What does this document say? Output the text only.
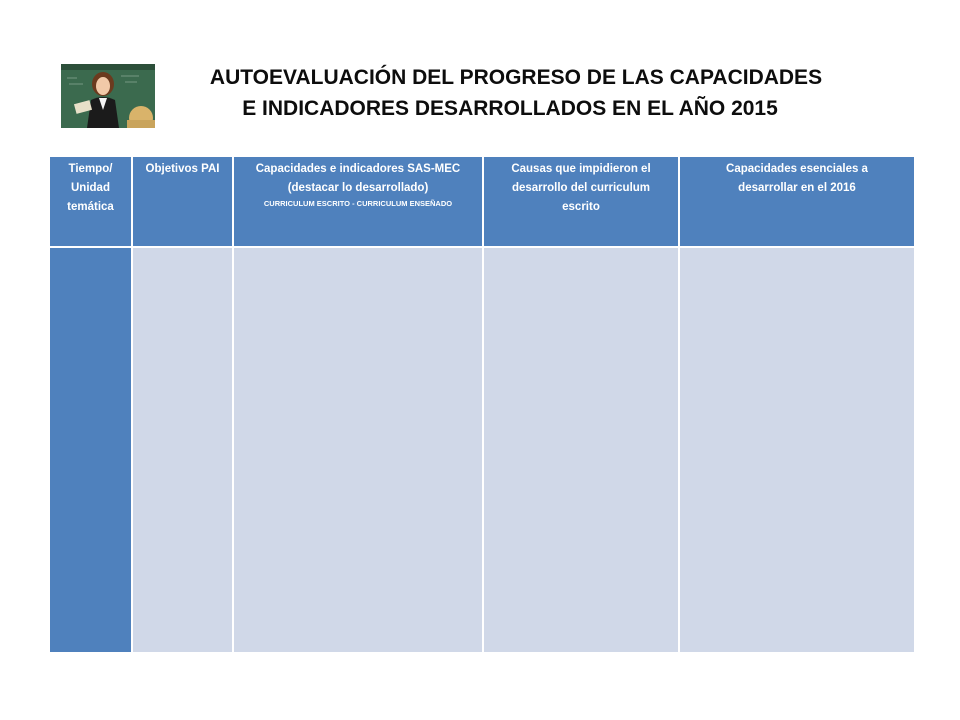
AUTOEVALUACIÓN DEL PROGRESO DE LAS CAPACIDADES
E INDICADORES DESARROLLADOS EN EL AÑO 2015
Tiempo/
Unidad
temática	Objetivos PAI	Capacidades e indicadores SAS-MEC
(destacar lo desarrollado)
CURRICULUM ESCRITO - CURRICULUM ENSEÑADO	Causas que impidieron el
desarrollo del curriculum
escrito	Capacidades esenciales a
desarrollar en el 2016
